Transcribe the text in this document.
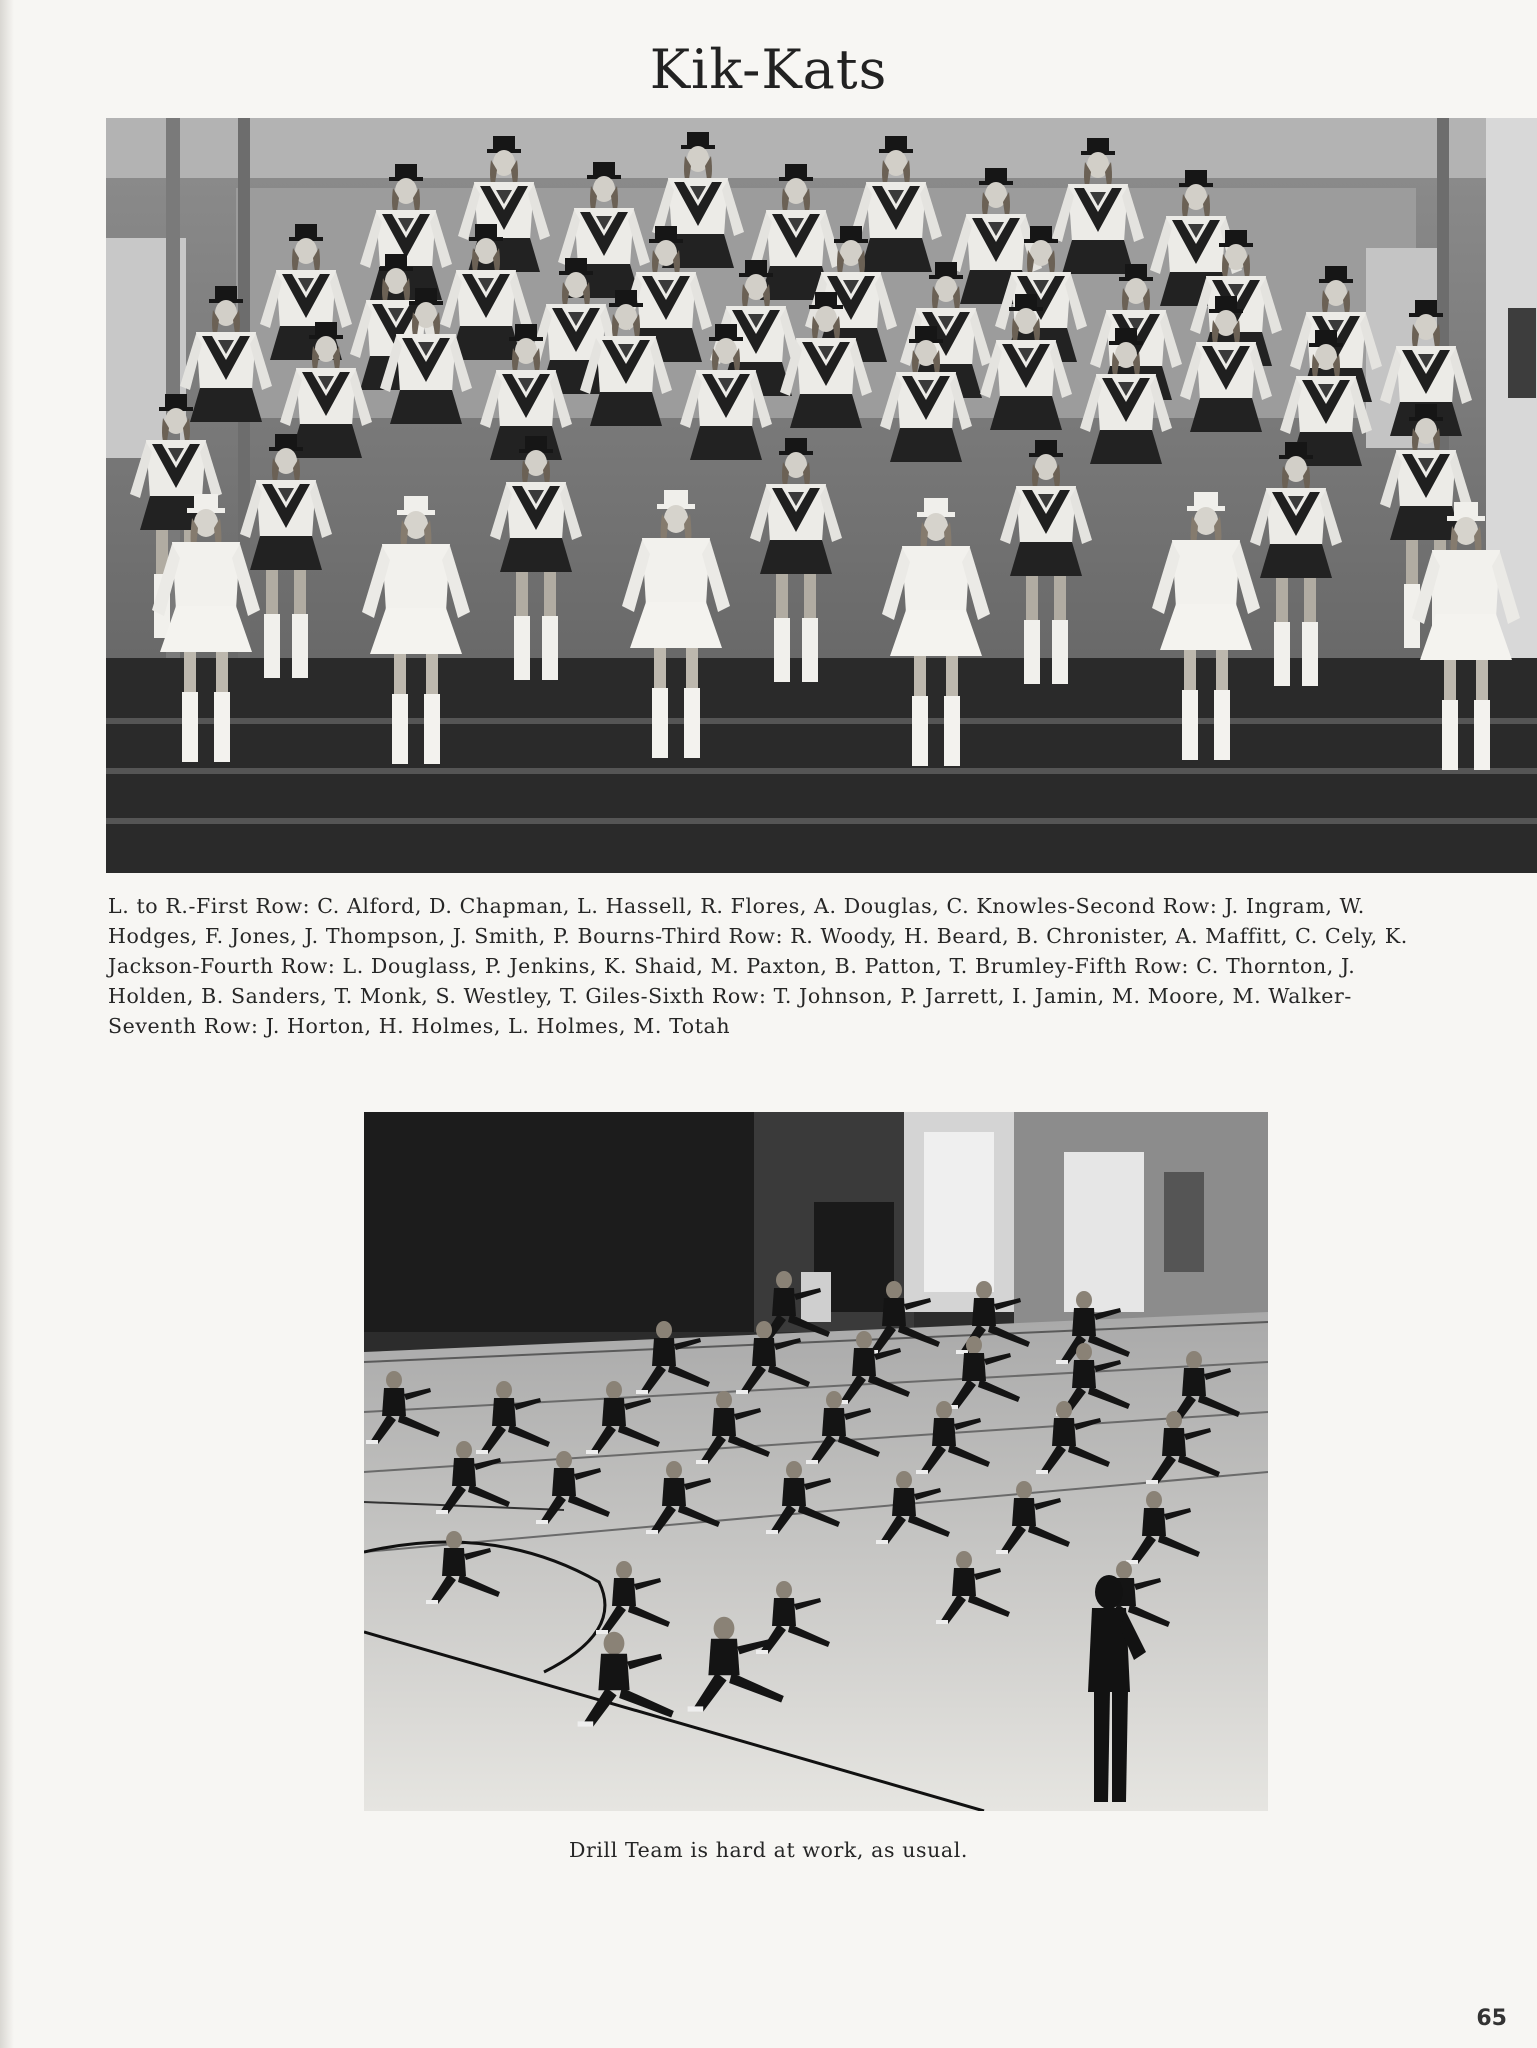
Kik-Kats
L. to R.-First Row: C. Alford, D. Chapman, L. Hassell, R. Flores, A. Douglas, C. Knowles-Second Row: J. Ingram, W. Hodges, F. Jones, J. Thompson, J. Smith, P. Bourns-Third Row: R. Woody, H. Beard, B. Chronister, A. Maffitt, C. Cely, K. Jackson-Fourth Row: L. Douglass, P. Jenkins, K. Shaid, M. Paxton, B. Patton, T. Brumley-Fifth Row: C. Thornton, J. Holden, B. Sanders, T. Monk, S. Westley, T. Giles-Sixth Row: T. Johnson, P. Jarrett, I. Jamin, M. Moore, M. Walker-Seventh Row: J. Horton, H. Holmes, L. Holmes, M. Totah
Drill Team is hard at work, as usual.
65
